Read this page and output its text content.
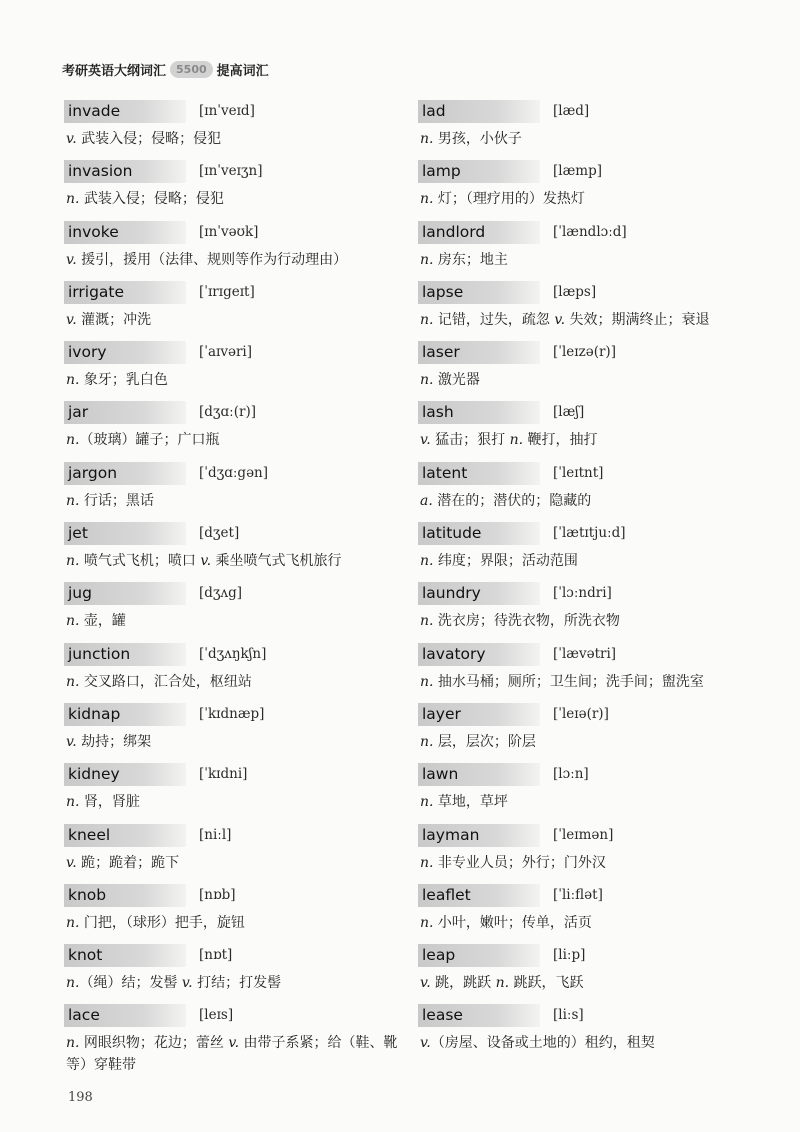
考研英语大纲词汇 5500 提高词汇
invade	[ɪnˈveɪd]
v. 武装入侵；侵略；侵犯
invasion	[ɪnˈveɪʒn]
n. 武装入侵；侵略；侵犯
invoke	[ɪnˈvəʊk]
v. 援引，援用（法律、规则等作为行动理由）
irrigate	[ˈɪrɪgeɪt]
v. 灌溉；冲洗
ivory	[ˈaɪvəri]
n. 象牙；乳白色
jar	[dʒɑː(r)]
n.（玻璃）罐子；广口瓶
jargon	[ˈdʒɑːgən]
n. 行话；黑话
jet	[dʒet]
n. 喷气式飞机；喷口 v. 乘坐喷气式飞机旅行
jug	[dʒʌg]
n. 壶，罐
junction	[ˈdʒʌŋkʃn]
n. 交叉路口，汇合处，枢纽站
kidnap	[ˈkɪdnæp]
v. 劫持；绑架
kidney	[ˈkɪdni]
n. 肾，肾脏
kneel	[niːl]
v. 跪；跪着；跪下
knob	[nɒb]
n. 门把，（球形）把手，旋钮
knot	[nɒt]
n.（绳）结；发髻 v. 打结；打发髻
lace	[leɪs]
n. 网眼织物；花边；蕾丝 v. 由带子系紧；给（鞋、靴等）穿鞋带
lad	[læd]
n. 男孩，小伙子
lamp	[læmp]
n. 灯；（理疗用的）发热灯
landlord	[ˈlændlɔːd]
n. 房东；地主
lapse	[læps]
n. 记错，过失，疏忽 v. 失效；期满终止；衰退
laser	[ˈleɪzə(r)]
n. 激光器
lash	[læʃ]
v. 猛击；狠打 n. 鞭打，抽打
latent	[ˈleɪtnt]
a. 潜在的；潜伏的；隐藏的
latitude	[ˈlætɪtjuːd]
n. 纬度；界限；活动范围
laundry	[ˈlɔːndri]
n. 洗衣房；待洗衣物，所洗衣物
lavatory	[ˈlævətri]
n. 抽水马桶；厕所；卫生间；洗手间；盥洗室
layer	[ˈleɪə(r)]
n. 层，层次；阶层
lawn	[lɔːn]
n. 草地，草坪
layman	[ˈleɪmən]
n. 非专业人员；外行；门外汉
leaflet	[ˈliːflət]
n. 小叶，嫩叶；传单，活页
leap	[liːp]
v. 跳，跳跃 n. 跳跃，飞跃
lease	[liːs]
v.（房屋、设备或土地的）租约，租契
198
